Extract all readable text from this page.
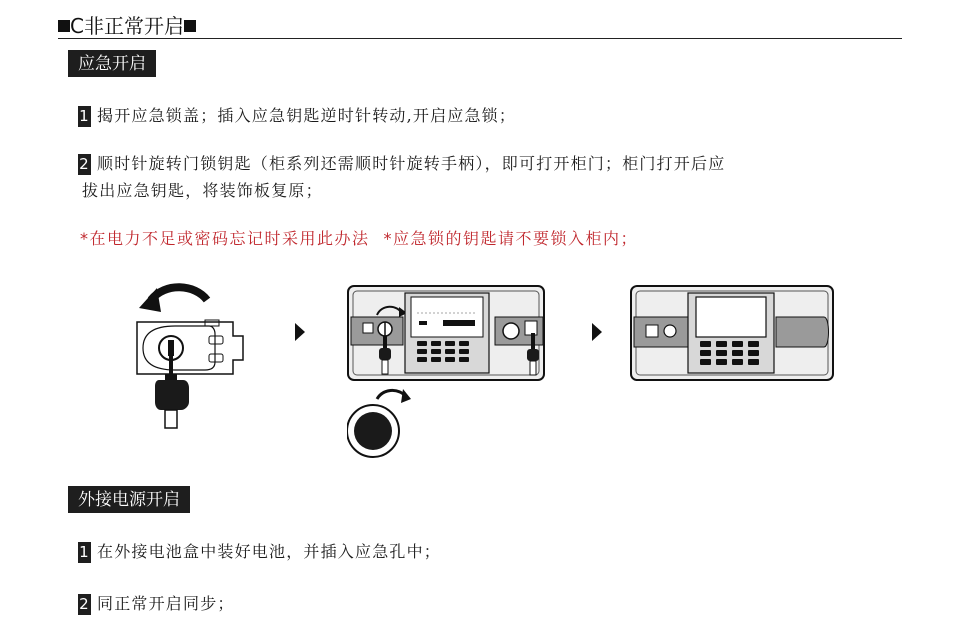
C非正常开启
应急开启
1 揭开应急锁盖；插入应急钥匙逆时针转动,开启应急锁；
2 顺时针旋转门锁钥匙（柜系列还需顺时针旋转手柄），即可打开柜门；柜门打开后应
拔出应急钥匙，将装饰板复原；
*在电力不足或密码忘记时采用此办法 *应急锁的钥匙请不要锁入柜内；
外接电源开启
1 在外接电池盒中装好电池，并插入应急孔中；
2 同正常开启同步；
